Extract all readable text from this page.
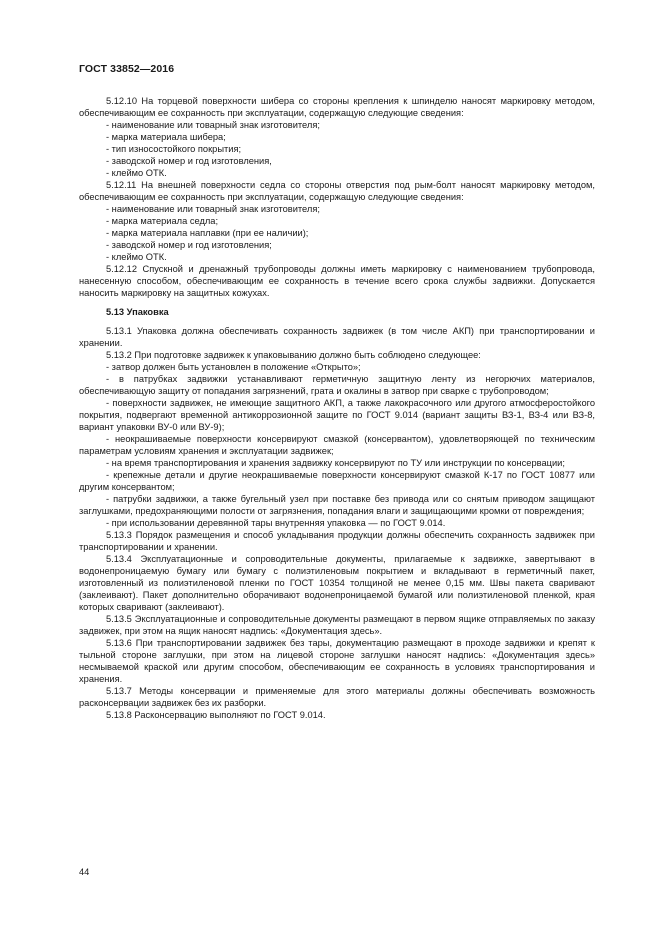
ГОСТ 33852—2016

5.12.10 На торцевой поверхности шибера со стороны крепления к шпинделю наносят маркировку методом, обеспечивающим ее сохранность при эксплуатации, содержащую следующие сведения:

- наименование или товарный знак изготовителя;

- марка материала шибера;

- тип износостойкого покрытия;

- заводской номер и год изготовления,

- клеймо ОТК.

5.12.11 На внешней поверхности седла со стороны отверстия под рым-болт наносят маркировку методом, обеспечивающим ее сохранность при эксплуатации, содержащую следующие сведения:

- наименование или товарный знак изготовителя;

- марка материала седла;

- марка материала наплавки (при ее наличии);

- заводской номер и год изготовления;

- клеймо ОТК.

5.12.12 Спускной и дренажный трубопроводы должны иметь маркировку с наименованием трубопровода, нанесенную способом, обеспечивающим ее сохранность в течение всего срока службы задвижки. Допускается наносить маркировку на защитных кожухах.

5.13 Упаковка

5.13.1 Упаковка должна обеспечивать сохранность задвижек (в том числе АКП) при транспортировании и хранении.

5.13.2 При подготовке задвижек к упаковыванию должно быть соблюдено следующее:

- затвор должен быть установлен в положение «Открыто»;

- в патрубках задвижки устанавливают герметичную защитную ленту из негорючих материалов, обеспечивающую защиту от попадания загрязнений, грата и окалины в затвор при сварке с трубопроводом;

- поверхности задвижек, не имеющие защитного АКП, а также лакокрасочного или другого атмосферостойкого покрытия, подвергают временной антикоррозионной защите по ГОСТ 9.014 (вариант защиты ВЗ-1, ВЗ-4 или ВЗ-8, вариант упаковки ВУ-0 или ВУ-9);

- неокрашиваемые поверхности консервируют смазкой (консервантом), удовлетворяющей по техническим параметрам условиям хранения и эксплуатации задвижек;

- на время транспортирования и хранения задвижку консервируют по ТУ или инструкции по консервации;

- крепежные детали и другие неокрашиваемые поверхности консервируют смазкой К-17 по ГОСТ 10877 или другим консервантом;

- патрубки задвижки, а также бугельный узел при поставке без привода или со снятым приводом защищают заглушками, предохраняющими полости от загрязнения, попадания влаги и защищающими кромки от повреждения;

- при использовании деревянной тары внутренняя упаковка — по ГОСТ 9.014.

5.13.3 Порядок размещения и способ укладывания продукции должны обеспечить сохранность задвижек при транспортировании и хранении.

5.13.4 Эксплуатационные и сопроводительные документы, прилагаемые к задвижке, завертывают в водонепроницаемую бумагу или бумагу с полиэтиленовым покрытием и вкладывают в герметичный пакет, изготовленный из полиэтиленовой пленки по ГОСТ 10354 толщиной не менее 0,15 мм. Швы пакета сваривают (заклеивают). Пакет дополнительно оборачивают водонепроницаемой бумагой или полиэтиленовой пленкой, края которых сваривают (заклеивают).

5.13.5 Эксплуатационные и сопроводительные документы размещают в первом ящике отправляемых по заказу задвижек, при этом на ящик наносят надпись: «Документация здесь».

5.13.6 При транспортировании задвижек без тары, документацию размещают в проходе задвижки и крепят к тыльной стороне заглушки, при этом на лицевой стороне заглушки наносят надпись: «Документация здесь» несмываемой краской или другим способом, обеспечивающим ее сохранность в условиях транспортирования и хранения.

5.13.7 Методы консервации и применяемые для этого материалы должны обеспечивать возможность расконсервации задвижек без их разборки.

5.13.8 Расконсервацию выполняют по ГОСТ 9.014.

44
